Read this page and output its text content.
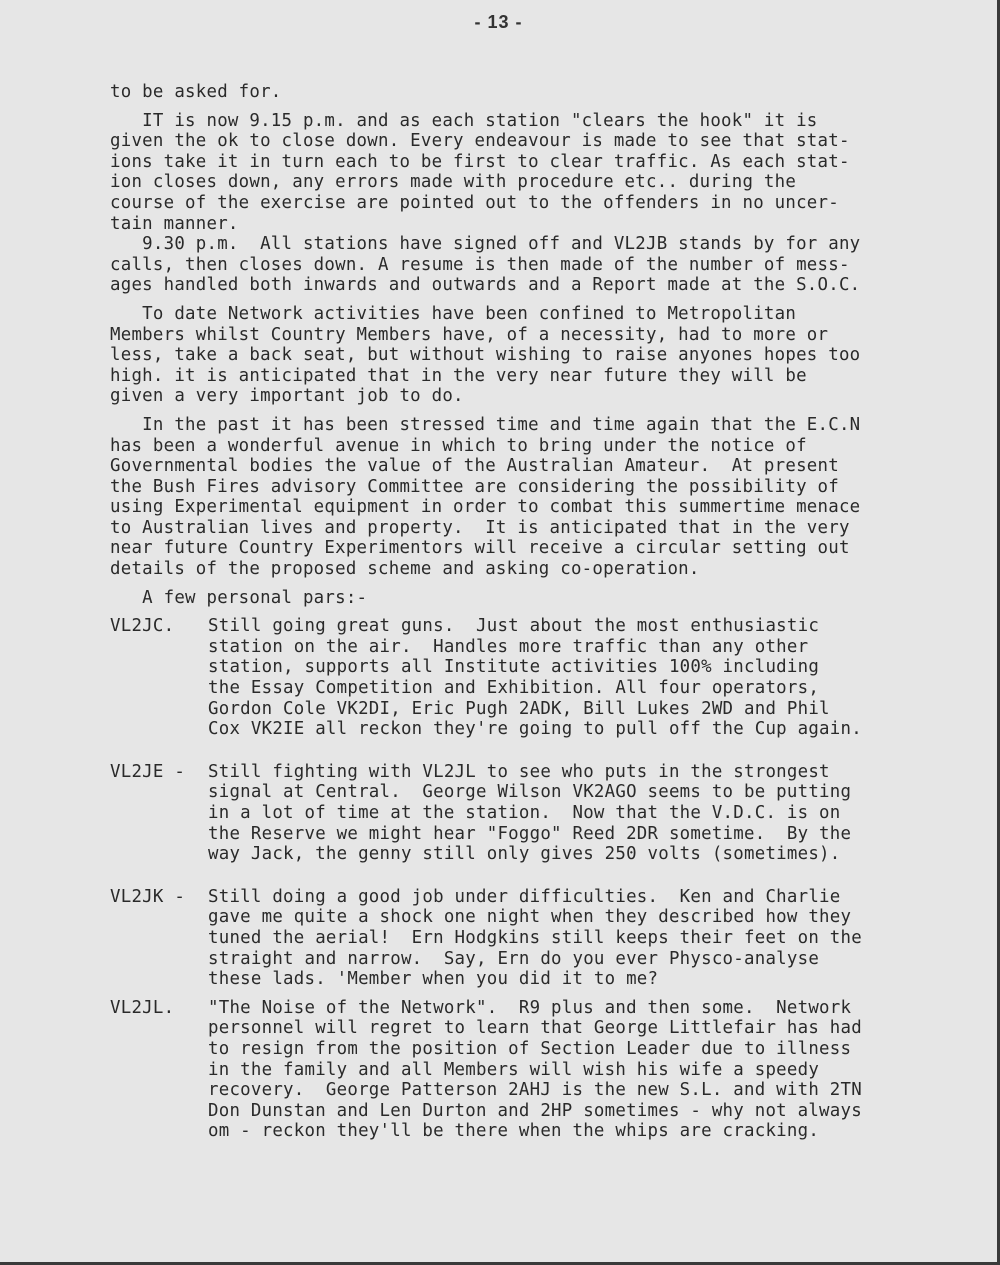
- 13 -
to be asked for.
IT is now 9.15 p.m. and as each station "clears the hook" it is
given the ok to close down. Every endeavour is made to see that stat-
ions take it in turn each to be first to clear traffic. As each stat-
ion closes down, any errors made with procedure etc.. during the
course of the exercise are pointed out to the offenders in no uncer-
tain manner.
9.30 p.m.  All stations have signed off and VL2JB stands by for any
calls, then closes down. A resume is then made of the number of mess-
ages handled both inwards and outwards and a Report made at the S.O.C.
To date Network activities have been confined to Metropolitan
Members whilst Country Members have, of a necessity, had to more or
less, take a back seat, but without wishing to raise anyones hopes too
high. it is anticipated that in the very near future they will be
given a very important job to do.
In the past it has been stressed time and time again that the E.C.N
has been a wonderful avenue in which to bring under the notice of
Governmental bodies the value of the Australian Amateur.  At present
the Bush Fires advisory Committee are considering the possibility of
using Experimental equipment in order to combat this summertime menace
to Australian lives and property.  It is anticipated that in the very
near future Country Experimentors will receive a circular setting out
details of the proposed scheme and asking co-operation.
A few personal pars:-
VL2JC.	Still going great guns.  Just about the most enthusiastic
station on the air.  Handles more traffic than any other
station, supports all Institute activities 100% including
the Essay Competition and Exhibition. All four operators,
Gordon Cole VK2DI, Eric Pugh 2ADK, Bill Lukes 2WD and Phil
Cox VK2IE all reckon they're going to pull off the Cup again.
VL2JE -	Still fighting with VL2JL to see who puts in the strongest
signal at Central.  George Wilson VK2AGO seems to be putting
in a lot of time at the station.  Now that the V.D.C. is on
the Reserve we might hear "Foggo" Reed 2DR sometime.  By the
way Jack, the genny still only gives 250 volts (sometimes).
VL2JK -	Still doing a good job under difficulties.  Ken and Charlie
gave me quite a shock one night when they described how they
tuned the aerial!  Ern Hodgkins still keeps their feet on the
straight and narrow.  Say, Ern do you ever Physco-analyse
these lads. 'Member when you did it to me?
VL2JL.	"The Noise of the Network".  R9 plus and then some.  Network
personnel will regret to learn that George Littlefair has had
to resign from the position of Section Leader due to illness
in the family and all Members will wish his wife a speedy
recovery.  George Patterson 2AHJ is the new S.L. and with 2TN
Don Dunstan and Len Durton and 2HP sometimes - why not always
om - reckon they'll be there when the whips are cracking.
